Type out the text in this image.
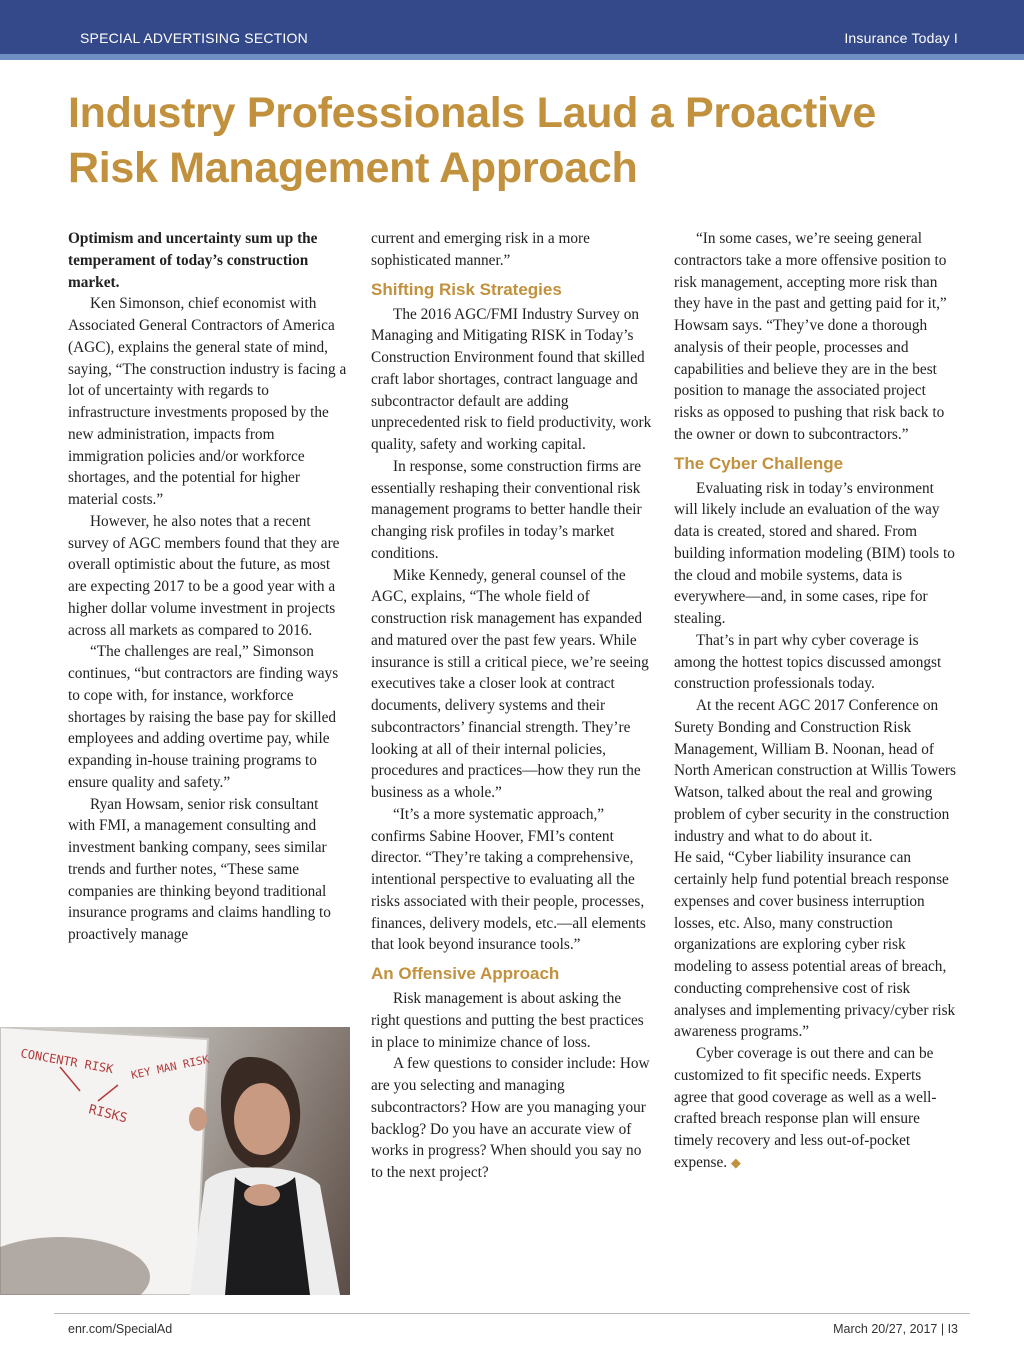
SPECIAL ADVERTISING SECTION	Insurance Today I
Industry Professionals Laud a Proactive Risk Management Approach

Optimism and uncertainty sum up the temperament of today’s construction market.

Ken Simonson, chief economist with Associated General Contractors of America (AGC), explains the general state of mind, saying, “The construction industry is facing a lot of uncertainty with regards to infrastructure investments proposed by the new administration, impacts from immigration policies and/or workforce shortages, and the potential for higher material costs.”

However, he also notes that a recent survey of AGC members found that they are overall optimistic about the future, as most are expecting 2017 to be a good year with a higher dollar volume investment in projects across all markets as compared to 2016.

“The challenges are real,” Simonson continues, “but contractors are finding ways to cope with, for instance, workforce shortages by raising the base pay for skilled employees and adding overtime pay, while expanding in-house training programs to ensure quality and safety.”

Ryan Howsam, senior risk consultant with FMI, a management consulting and investment banking company, sees similar trends and further notes, “These same companies are thinking beyond traditional insurance programs and claims handling to proactively manage

current and emerging risk in a more sophisticated manner.”

Shifting Risk Strategies

The 2016 AGC/FMI Industry Survey on Managing and Mitigating RISK in Today’s Construction Environment found that skilled craft labor shortages, contract language and subcontractor default are adding unprecedented risk to field productivity, work quality, safety and working capital.

In response, some construction firms are essentially reshaping their conventional risk management programs to better handle their changing risk profiles in today’s market conditions.

Mike Kennedy, general counsel of the AGC, explains, “The whole field of construction risk management has expanded and matured over the past few years. While insurance is still a critical piece, we’re seeing executives take a closer look at contract documents, delivery systems and their subcontractors’ financial strength. They’re looking at all of their internal policies, procedures and practices—how they run the business as a whole.”

“It’s a more systematic approach,” confirms Sabine Hoover, FMI’s content director. “They’re taking a comprehensive, intentional perspective to evaluating all the risks associated with their people, processes, finances, delivery models, etc.—all elements that look beyond insurance tools.”

An Offensive Approach

Risk management is about asking the right questions and putting the best practices in place to minimize chance of loss.

A few questions to consider include: How are you selecting and managing subcontractors? How are you managing your backlog? Do you have an accurate view of works in progress? When should you say no to the next project?

“In some cases, we’re seeing general contractors take a more offensive position to risk management, accepting more risk than they have in the past and getting paid for it,” Howsam says. “They’ve done a thorough analysis of their people, processes and capabilities and believe they are in the best position to manage the associated project risks as opposed to pushing that risk back to the owner or down to subcontractors.”

The Cyber Challenge

Evaluating risk in today’s environment will likely include an evaluation of the way data is created, stored and shared. From building information modeling (BIM) tools to the cloud and mobile systems, data is everywhere—and, in some cases, ripe for stealing.

That’s in part why cyber coverage is among the hottest topics discussed amongst construction professionals today.

At the recent AGC 2017 Conference on Surety Bonding and Construction Risk Management, William B. Noonan, head of North American construction at Willis Towers Watson, talked about the real and growing problem of cyber security in the construction industry and what to do about it.

He said, “Cyber liability insurance can certainly help fund potential breach response expenses and cover business interruption losses, etc. Also, many construction organizations are exploring cyber risk modeling to assess potential areas of breach, conducting comprehensive cost of risk analyses and implementing privacy/cyber risk awareness programs.”

Cyber coverage is out there and can be customized to fit specific needs. Experts agree that good coverage as well as a well-crafted breach response plan will ensure timely recovery and less out-of-pocket expense. ◆

CONCENTR RISK KEY MAN RISK
RISKS
enr.com/SpecialAd	March 20/27, 2017 | I3
